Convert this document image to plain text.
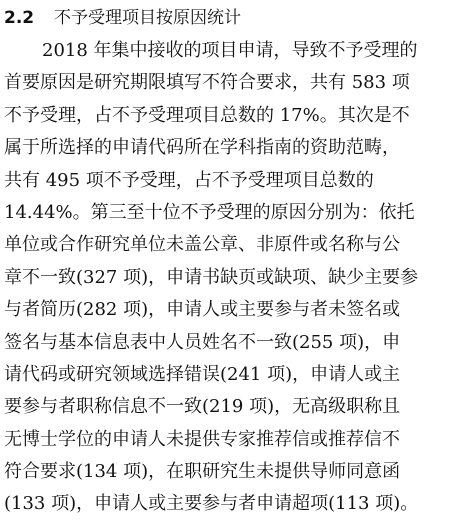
2.2 不予受理项目按原因统计
2018 年集中接收的项目申请，导致不予受理的
首要原因是研究期限填写不符合要求，共有 583 项
不予受理，占不予受理项目总数的 17%。其次是不
属于所选择的申请代码所在学科指南的资助范畴，
共有 495 项不予受理，占不予受理项目总数的
14.44%。第三至十位不予受理的原因分别为：依托
单位或合作研究单位未盖公章、非原件或名称与公
章不一致(327 项)，申请书缺页或缺项、缺少主要参
与者简历(282 项)，申请人或主要参与者未签名或
签名与基本信息表中人员姓名不一致(255 项)，申
请代码或研究领域选择错误(241 项)，申请人或主
要参与者职称信息不一致(219 项)，无高级职称且
无博士学位的申请人未提供专家推荐信或推荐信不
符合要求(134 项)，在职研究生未提供导师同意函
(133 项)，申请人或主要参与者申请超项(113 项)。
